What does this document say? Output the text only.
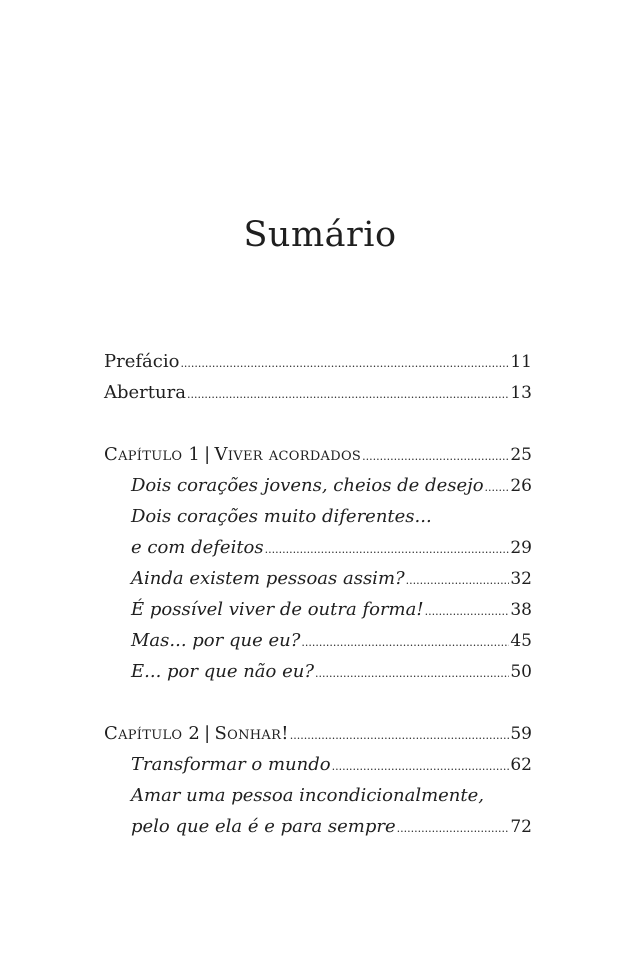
Sumário
Prefácio .....	11
Abertura .....	13
Capítulo 1 | Viver acordados .....	25
Dois corações jovens, cheios de desejo ..... 26
Dois corações muito diferentes...
e com defeitos .....	29
Ainda existem pessoas assim? .....	32
É possível viver de outra forma! .....	38
Mas... por que eu? .....	45
E... por que não eu? .....	50
Capítulo 2 | Sonhar! .....	59
Transformar o mundo .....	62
Amar uma pessoa incondicionalmente,
pelo que ela é e para sempre .....	72
